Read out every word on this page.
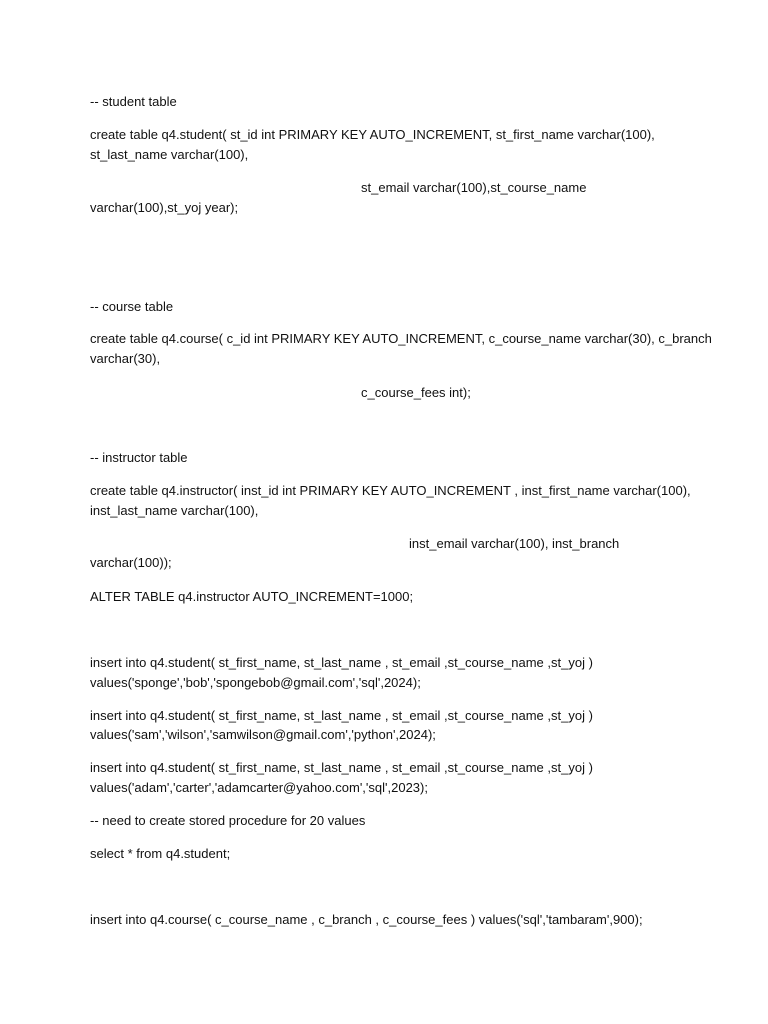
-- student table

create table q4.student( st_id int PRIMARY KEY AUTO_INCREMENT, st_first_name varchar(100),

st_last_name varchar(100),

st_email varchar(100),st_course_name

varchar(100),st_yoj year);

-- course table

create table q4.course( c_id int PRIMARY KEY AUTO_INCREMENT, c_course_name varchar(30), c_branch

varchar(30),

c_course_fees int);

-- instructor table

create table q4.instructor( inst_id int PRIMARY KEY AUTO_INCREMENT , inst_first_name varchar(100),

inst_last_name varchar(100),

inst_email varchar(100), inst_branch

varchar(100));

ALTER TABLE q4.instructor AUTO_INCREMENT=1000;

insert into q4.student( st_first_name, st_last_name , st_email ,st_course_name ,st_yoj )

values('sponge','bob','spongebob@gmail.com','sql',2024);

insert into q4.student( st_first_name, st_last_name , st_email ,st_course_name ,st_yoj )

values('sam','wilson','samwilson@gmail.com','python',2024);

insert into q4.student( st_first_name, st_last_name , st_email ,st_course_name ,st_yoj )

values('adam','carter','adamcarter@yahoo.com','sql',2023);

-- need to create stored procedure for 20 values

select * from q4.student;

insert into q4.course( c_course_name , c_branch , c_course_fees ) values('sql','tambaram',900);
